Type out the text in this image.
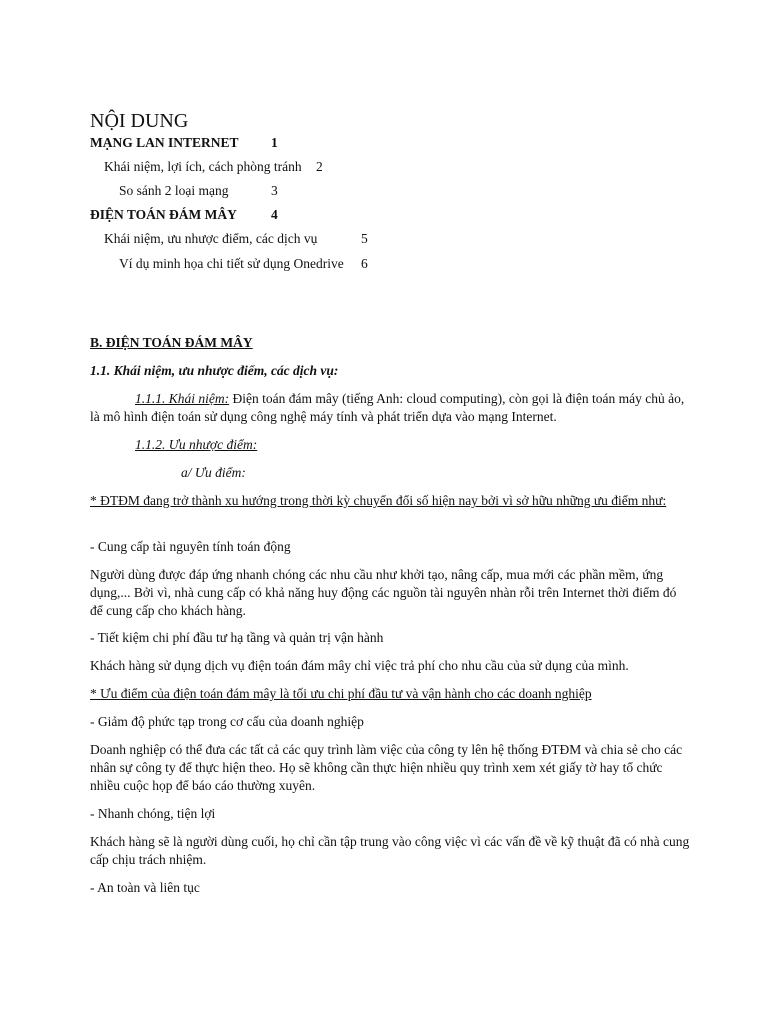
NỘI DUNG
MẠNG LAN INTERNET 1
Khái niệm, lợi ích, cách phòng tránh 2
So sánh 2 loại mạng	3
ĐIỆN TOÁN ĐÁM MÂY	4
Khái niệm, ưu nhược điểm, các dịch vụ	5
Ví dụ minh họa chi tiết sử dụng Onedrive 6
B. ĐIỆN TOÁN ĐÁM MÂY
1.1. Khái niệm, ưu nhược điểm, các dịch vụ:
1.1.1. Khái niệm: Điện toán đám mây (tiếng Anh: cloud computing), còn gọi là điện toán máy chủ ảo, là mô hình điện toán sử dụng công nghệ máy tính và phát triển dựa vào mạng Internet.
1.1.2. Ưu nhược điểm:
a/ Ưu điểm:
* ĐTĐM đang trở thành xu hướng trong thời kỳ chuyển đổi số hiện nay bởi vì sở hữu những ưu điểm như:
- Cung cấp tài nguyên tính toán động
Người dùng được đáp ứng nhanh chóng các nhu cầu như khởi tạo, nâng cấp, mua mới các phần mềm, ứng dụng,... Bởi vì, nhà cung cấp có khả năng huy động các nguồn tài nguyên nhàn rỗi trên Internet thời điểm đó để cung cấp cho khách hàng.
- Tiết kiệm chi phí đầu tư hạ tầng và quản trị vận hành
Khách hàng sử dụng dịch vụ điện toán đám mây chỉ việc trả phí cho nhu cầu của sử dụng của mình.
* Ưu điểm của điện toán đám mây là tối ưu chi phí đầu tư và vận hành cho các doanh nghiệp
- Giảm độ phức tạp trong cơ cấu của doanh nghiệp
Doanh nghiệp có thể đưa các tất cả các quy trình làm việc của công ty lên hệ thống ĐTĐM và chia sẻ cho các nhân sự công ty để thực hiện theo. Họ sẽ không cần thực hiện nhiều quy trình xem xét giấy tờ hay tổ chức nhiều cuộc họp để báo cáo thường xuyên.
- Nhanh chóng, tiện lợi
Khách hàng sẽ là người dùng cuối, họ chỉ cần tập trung vào công việc vì các vấn đề về kỹ thuật đã có nhà cung cấp chịu trách nhiệm.
- An toàn và liên tục
